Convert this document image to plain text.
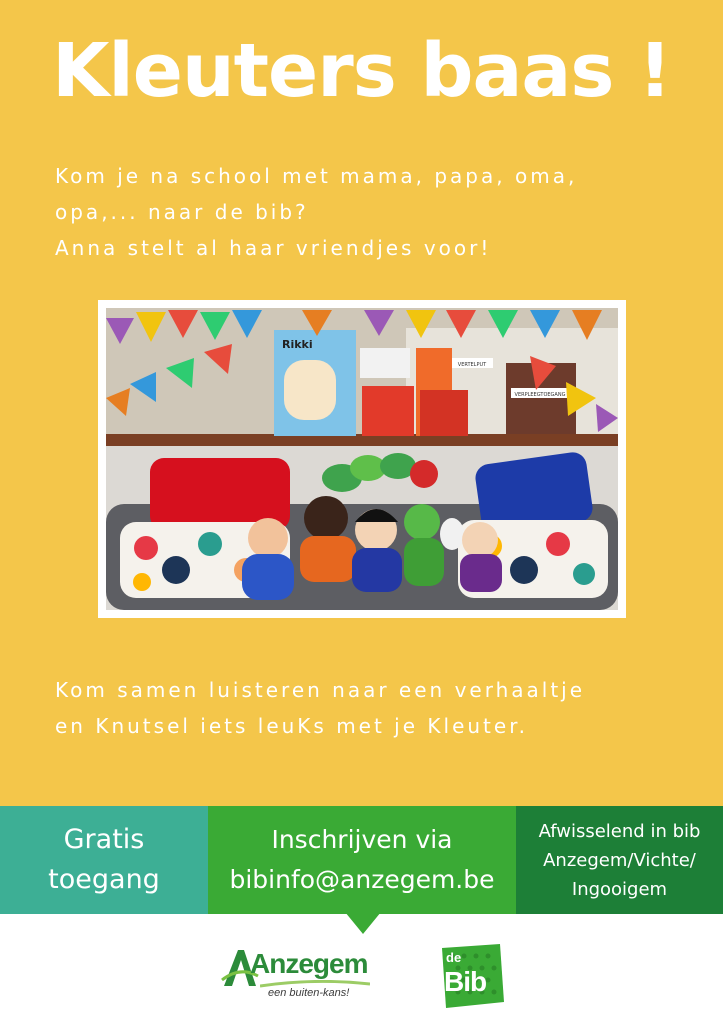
Kleuters baas !
Kom je na school met mama, papa, oma,
opa,... naar de bib?
Anna stelt al haar vriendjes voor!
VERPLEEGTOEGANG
VERTELPUT
Rikki
Kom samen luisteren naar een verhaaltje
en Knutsel iets leuKs met je Kleuter.
Gratis
toegang
Inschrijven via
bibinfo@anzegem.be
Afwisselend in bib
Anzegem/Vichte/
Ingooigem
Anzegem
een buiten-kans!
de
Bib
